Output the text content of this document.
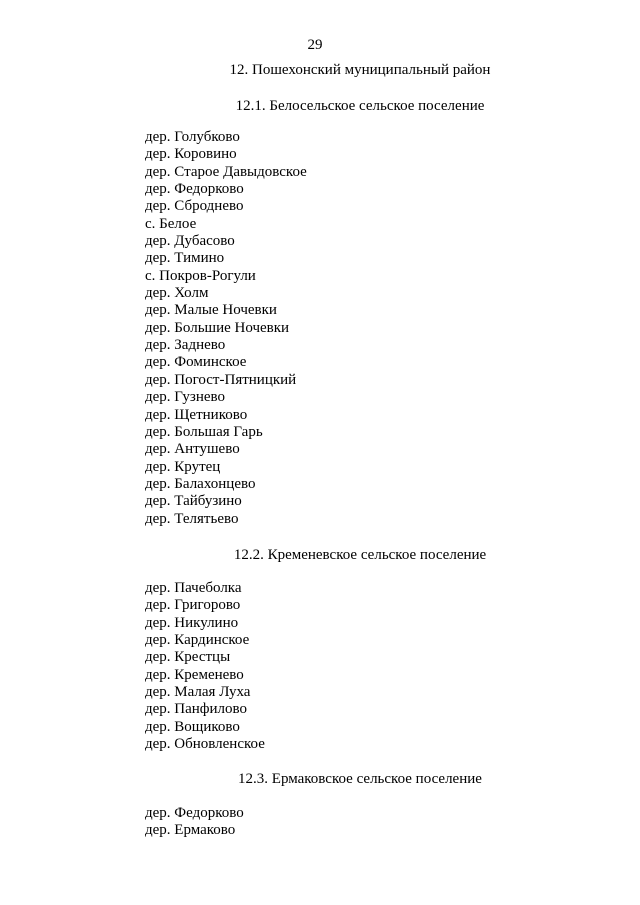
29
12. Пошехонский муниципальный район
12.1. Белосельское сельское поселение
дер. Голубково
дер. Коровино
дер. Старое Давыдовское
дер. Федорково
дер. Сброднево
с. Белое
дер. Дубасово
дер. Тимино
с. Покров-Рогули
дер. Холм
дер. Малые Ночевки
дер. Большие Ночевки
дер. Заднево
дер. Фоминское
дер. Погост-Пятницкий
дер. Гузнево
дер. Щетниково
дер. Большая Гарь
дер. Антушево
дер. Крутец
дер. Балахонцево
дер. Тайбузино
дер. Телятьево
12.2. Кременевское сельское поселение
дер. Пачеболка
дер. Григорово
дер. Никулино
дер. Кардинское
дер. Крестцы
дер. Кременево
дер. Малая Луха
дер. Панфилово
дер. Вощиково
дер. Обновленское
12.3. Ермаковское сельское поселение
дер. Федорково
дер. Ермаково
